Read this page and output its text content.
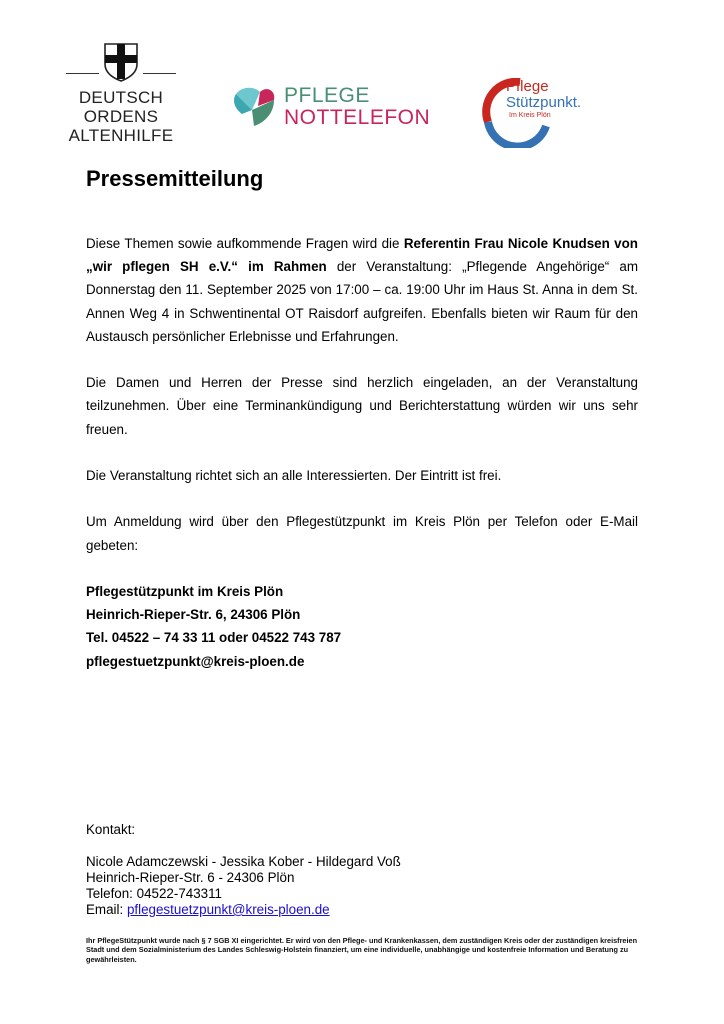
DEUTSCH
ORDENS
ALTENHILFE
PFLEGE
NOTTELEFON
Pflege
Stützpunkt.
Im Kreis Plön
Pressemitteilung

Diese Themen sowie aufkommende Fragen wird die Referentin Frau Nicole Knudsen von „wir pflegen SH e.V.“ im Rahmen der Veranstaltung: „Pflegende Angehörige“ am Donnerstag den 11. September 2025 von 17:00 – ca. 19:00 Uhr im Haus St. Anna in dem St. Annen Weg 4 in Schwentinental OT Raisdorf aufgreifen. Ebenfalls bieten wir Raum für den Austausch persönlicher Erlebnisse und Erfahrungen.

Die Damen und Herren der Presse sind herzlich eingeladen, an der Veranstaltung teilzunehmen. Über eine Terminankündigung und Berichterstattung würden wir uns sehr freuen.

Die Veranstaltung richtet sich an alle Interessierten. Der Eintritt ist frei.

Um Anmeldung wird über den Pflegestützpunkt im Kreis Plön per Telefon oder E-Mail gebeten:

Pflegestützpunkt im Kreis Plön
Heinrich-Rieper-Str. 6, 24306 Plön
Tel. 04522 – 74 33 11 oder 04522 743 787
pflegestuetzpunkt@kreis-ploen.de
Kontakt:
Nicole Adamczewski - Jessika Kober - Hildegard Voß
Heinrich-Rieper-Str. 6 - 24306 Plön
Telefon: 04522-743311
Email: pflegestuetzpunkt@kreis-ploen.de
Ihr PflegeStützpunkt wurde nach § 7 SGB XI eingerichtet. Er wird von den Pflege- und Krankenkassen, dem zuständigen Kreis oder der zuständigen kreisfreien Stadt und dem Sozialministerium des Landes Schleswig-Holstein finanziert, um eine individuelle, unabhängige und kostenfreie Information und Beratung zu gewährleisten.
